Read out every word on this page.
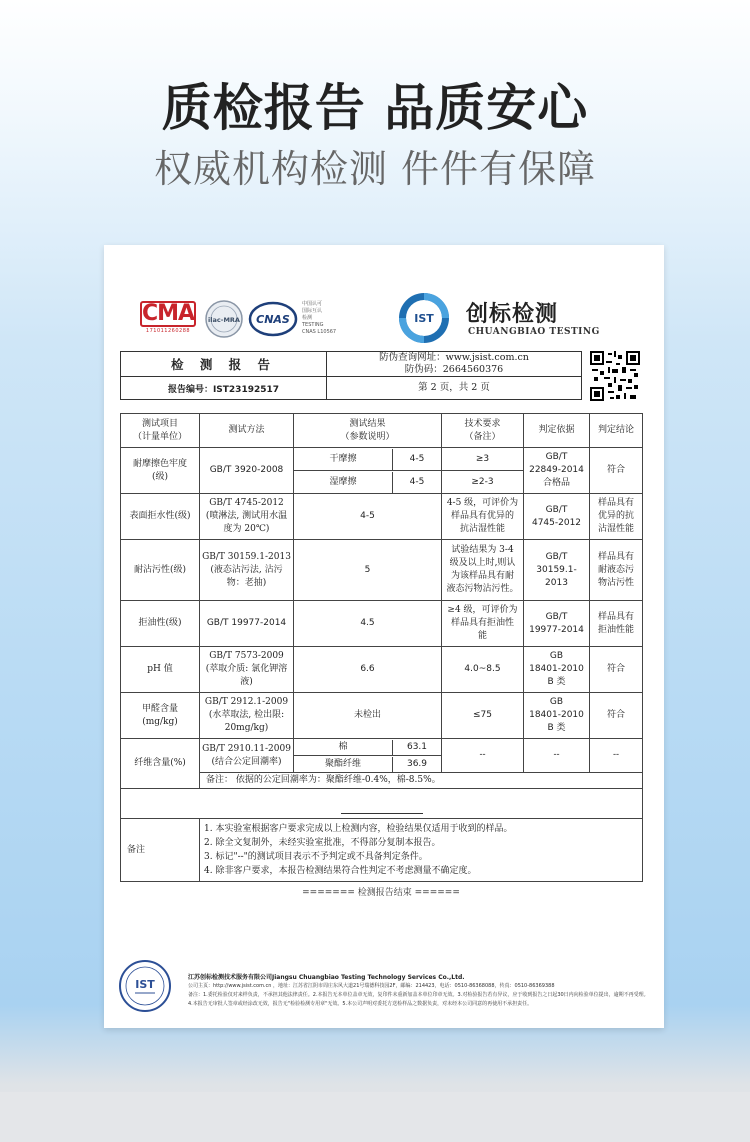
质检报告 品质安心
权威机构检测 件件有保障
CMA
171011260288
ilac-MRA CNAS
中国认可
国际互认
检测
TESTING
CNAS L10567
IST 创标检测
CHUANGBIAO TESTING
检 测 报 告	防伪查询网址：www.jsist.com.cn
防伪码：2664560376

报告编号：IST23192517	第 2 页，共 2 页
测试项目
（计量单位）	测试方法	测试结果
（参数说明）	技术要求
（备注）	判定依据	判定结论
耐摩擦色牢度
(级)	GB/T 3920-2008	干摩擦 4-5	≥3	GB/T
22849-2014
合格品	符合

		湿摩擦 4-5	≥2-3		
表面拒水性(级)	GB/T 4745-2012
(喷淋法, 测试用水温
度为 20℃)	4-5	4-5 级，可评价为
样品具有优异的
抗沾湿性能	GB/T
4745-2012	样品具有
优异的抗
沾湿性能
耐沾污性(级)	GB/T 30159.1-2013
(液态沾污法, 沾污
物：老抽)	5	试验结果为 3-4
级及以上时,则认
为该样品具有耐
液态污物沾污性。	GB/T
30159.1-2013	样品具有
耐液态污
物沾污性
拒油性(级)	GB/T 19977-2014	4.5	≥4 级，可评价为
样品具有拒油性
能	GB/T
19977-2014	样品具有
拒油性能
pH 值	GB/T 7573-2009
(萃取介质: 氯化钾溶
液)	6.6	4.0~8.5	GB
18401-2010
B 类	符合
甲醛含量
(mg/kg)	GB/T 2912.1-2009
(水萃取法, 检出限:
20mg/kg)	未检出	≤75	GB
18401-2010
B 类	符合
纤维含量(%)	GB/T 2910.11-2009
(结合公定回潮率)	棉 63.1	--	--	--

		聚酯纤维 36.9			

	备注： 依据的公定回潮率为：聚酯纤维-0.4%，棉-8.5%。				

备注	1. 本实验室根据客户要求完成以上检测内容，检验结果仅适用于收到的样品。
2. 除全文复制外，未经实验室批准，不得部分复制本报告。
3. 标记"--"的测试项目表示不予判定或不具备判定条件。
4. 除非客户要求，本报告检测结果符合性判定不考虑测量不确定度。				
======= 检测报告结束 ======
IST
江苏创标检测技术服务有限公司Jiangsu Chuangbiao Testing Technology Services Co.,Ltd.
公司主页：http://www.jsist.com.cn ，地址：江苏省江阴市周庄东风大道21号瑞德科技园2F，邮编：214423，电话：0510-86368088，传真：0510-86369388
备注：1.委托检验仅对来样负责，不承担其他法律责任。2.本报告无本单位盖章无效，复印件未重新加盖本单位印章无效。3.对检验报告若有异议，应于收到报告之日起30日内向检验单位提出，逾期不再受理。
4.本报告无审批人签章或经涂改无效，报告无"检验检测专用章"无效。5.本公司声明对委托方送检样品之数据负责，对未经本公司同意的再使用不承担责任。
